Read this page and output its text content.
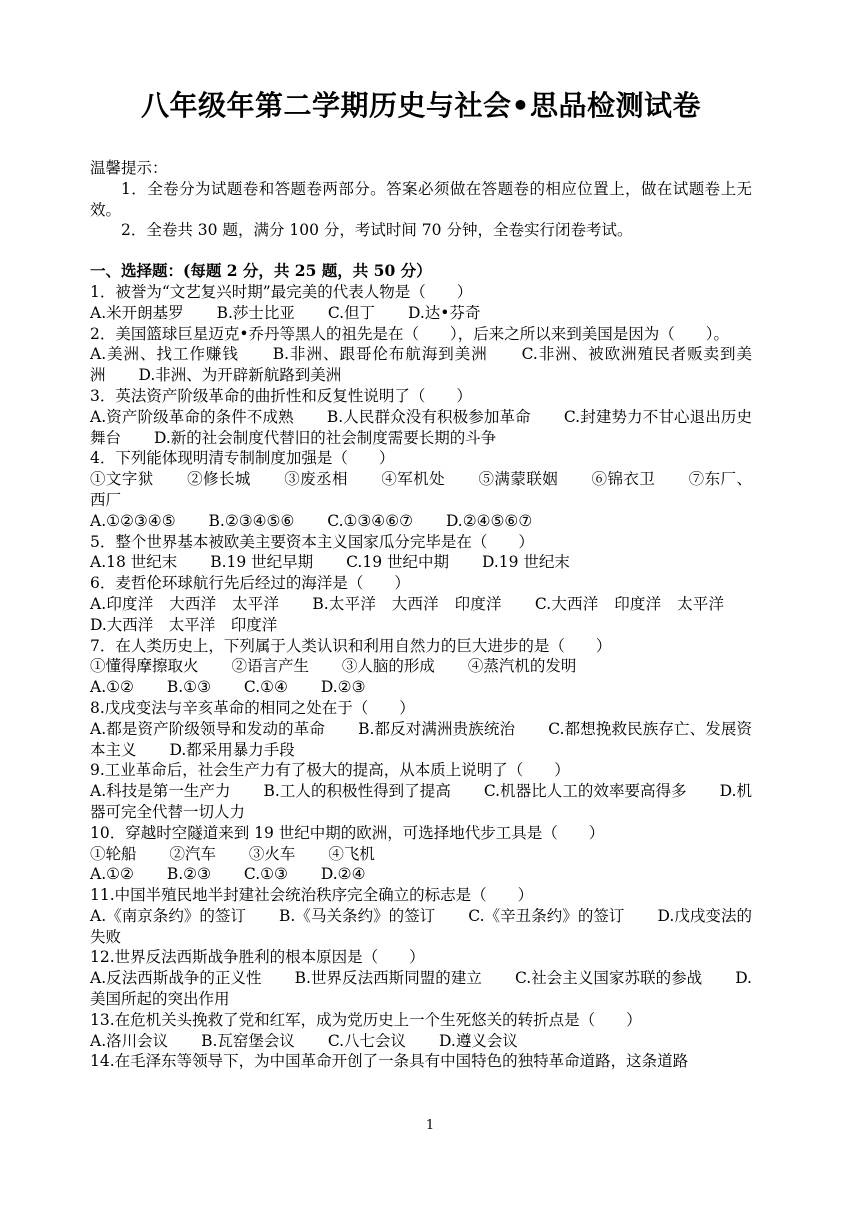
八年级年第二学期历史与社会•思品检测试卷
温馨提示：
1．全卷分为试题卷和答题卷两部分。答案必须做在答题卷的相应位置上，做在试题卷上无效。
2．全卷共 30 题，满分 100 分，考试时间 70 分钟，全卷实行闭卷考试。
一、选择题：(每题 2 分，共 25 题，共 50 分）
1．被誉为“文艺复兴时期”最完美的代表人物是（　　）
A.米开朗基罗 B.莎士比亚 C.但丁 D.达•芬奇
2．美国篮球巨星迈克•乔丹等黑人的祖先是在（　　），后来之所以来到美国是因为（　　）。
A.美洲、找工作赚钱 B.非洲、跟哥伦布航海到美洲 C.非洲、被欧洲殖民者贩卖到美洲 D.非洲、为开辟新航路到美洲
3．英法资产阶级革命的曲折性和反复性说明了（　　）
A.资产阶级革命的条件不成熟 B.人民群众没有积极参加革命 C.封建势力不甘心退出历史舞台 D.新的社会制度代替旧的社会制度需要长期的斗争
4．下列能体现明清专制制度加强是（　　）
①文字狱 ②修长城 ③废丞相 ④军机处 ⑤满蒙联姻 ⑥锦衣卫 ⑦东厂、西厂
A.①②③④⑤ B.②③④⑤⑥ C.①③④⑥⑦ D.②④⑤⑥⑦
5．整个世界基本被欧美主要资本主义国家瓜分完毕是在（　　）
A.18 世纪末 B.19 世纪早期 C.19 世纪中期 D.19 世纪末
6．麦哲伦环球航行先后经过的海洋是（　　）
A.印度洋　大西洋　太平洋 B.太平洋　大西洋　印度洋 C.大西洋　印度洋　太平洋 D.大西洋　太平洋　印度洋
7．在人类历史上，下列属于人类认识和利用自然力的巨大进步的是（　　）
①懂得摩擦取火 ②语言产生 ③人脑的形成 ④蒸汽机的发明
A.①② B.①③ C.①④ D.②③
8.戊戌变法与辛亥革命的相同之处在于（　　）
A.都是资产阶级领导和发动的革命 B.都反对满洲贵族统治 C.都想挽救民族存亡、发展资本主义 D.都采用暴力手段
9.工业革命后，社会生产力有了极大的提高，从本质上说明了（　　）
A.科技是第一生产力 B.工人的积极性得到了提高 C.机器比人工的效率要高得多 D.机器可完全代替一切人力
10．穿越时空隧道来到 19 世纪中期的欧洲，可选择地代步工具是（　　）
①轮船 ②汽车 ③火车 ④飞机
A.①② B.②③ C.①③ D.②④
11.中国半殖民地半封建社会统治秩序完全确立的标志是（　　）
A.《南京条约》的签订 B.《马关条约》的签订 C.《辛丑条约》的签订 D.戊戌变法的失败
12.世界反法西斯战争胜利的根本原因是（　　）
A.反法西斯战争的正义性 B.世界反法西斯同盟的建立 C.社会主义国家苏联的参战 D.美国所起的突出作用
13.在危机关头挽救了党和红军，成为党历史上一个生死悠关的转折点是（　　）
A.洛川会议 B.瓦窑堡会议 C.八七会议 D.遵义会议
14.在毛泽东等领导下，为中国革命开创了一条具有中国特色的独特革命道路，这条道路
1
